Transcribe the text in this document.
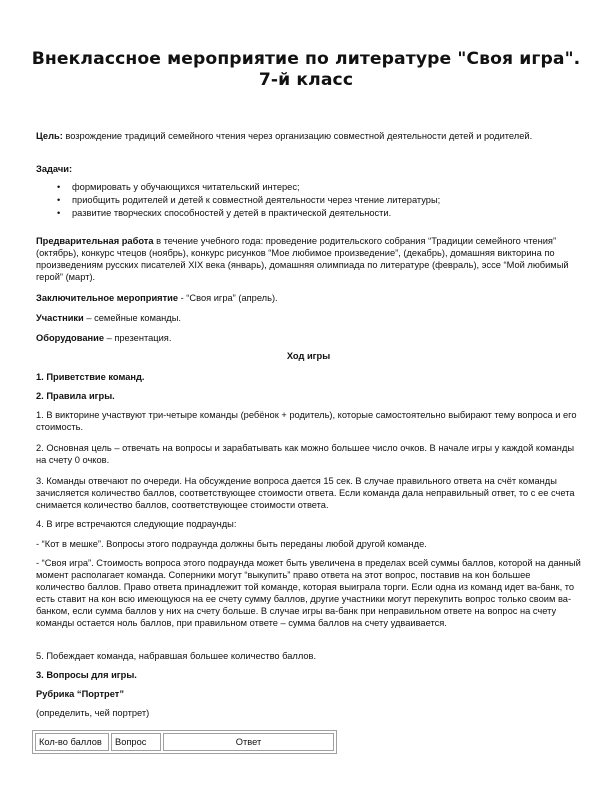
Внеклассное мероприятие по литературе "Своя игра".
7-й класс

Цель: возрождение традиций семейного чтения через организацию совместной деятельности детей и родителей.

Задачи:

• формировать у обучающихся читательский интерес;
• приобщить родителей и детей к совместной деятельности через чтение литературы;
• развитие творческих способностей у детей в практической деятельности.

Предварительная работа в течение учебного года: проведение родительского собрания “Традиции семейного чтения” (октябрь), конкурс чтецов (ноябрь), конкурс рисунков “Мое любимое произведение”, (декабрь), домашняя викторина по произведениям русских писателей XIX века (январь), домашняя олимпиада по литературе (февраль), эссе “Мой любимый герой” (март).

Заключительное мероприятие - “Своя игра” (апрель).

Участники – семейные команды.

Оборудование – презентация.

Ход игры

1. Приветствие команд.

2. Правила игры.

1. В викторине участвуют три-четыре команды (ребёнок + родитель), которые самостоятельно выбирают тему вопроса и его стоимость.

2. Основная цель – отвечать на вопросы и зарабатывать как можно большее число очков. В начале игры у каждой команды на счету 0 очков.

3. Команды отвечают по очереди. На обсуждение вопроса дается 15 сек. В случае правильного ответа на счёт команды зачисляется количество баллов, соответствующее стоимости ответа. Если команда дала неправильный ответ, то с ее счета снимается количество баллов, соответствующее стоимости ответа.

4. В игре встречаются следующие подраунды:

- “Кот в мешке”. Вопросы этого подраунда должны быть переданы любой другой команде.

- “Своя игра”. Стоимость вопроса этого подраунда может быть увеличена в пределах всей суммы баллов, которой на данный момент располагает команда. Соперники могут “выкупить” право ответа на этот вопрос, поставив на кон большее количество баллов. Право ответа принадлежит той команде, которая выиграла торги. Если одна из команд идет ва-банк, то есть ставит на кон всю имеющуюся на ее счету сумму баллов, другие участники могут перекупить вопрос только своим ва-банком, если сумма баллов у них на счету больше. В случае игры ва-банк при неправильном ответе на вопрос на счету команды остается ноль баллов, при правильном ответе – сумма баллов на счету удваивается.

5. Побеждает команда, набравшая большее количество баллов.

3. Вопросы для игры.

Рубрика “Портрет”

(определить, чей портрет)

Кол-во баллов	Вопрос	Ответ
